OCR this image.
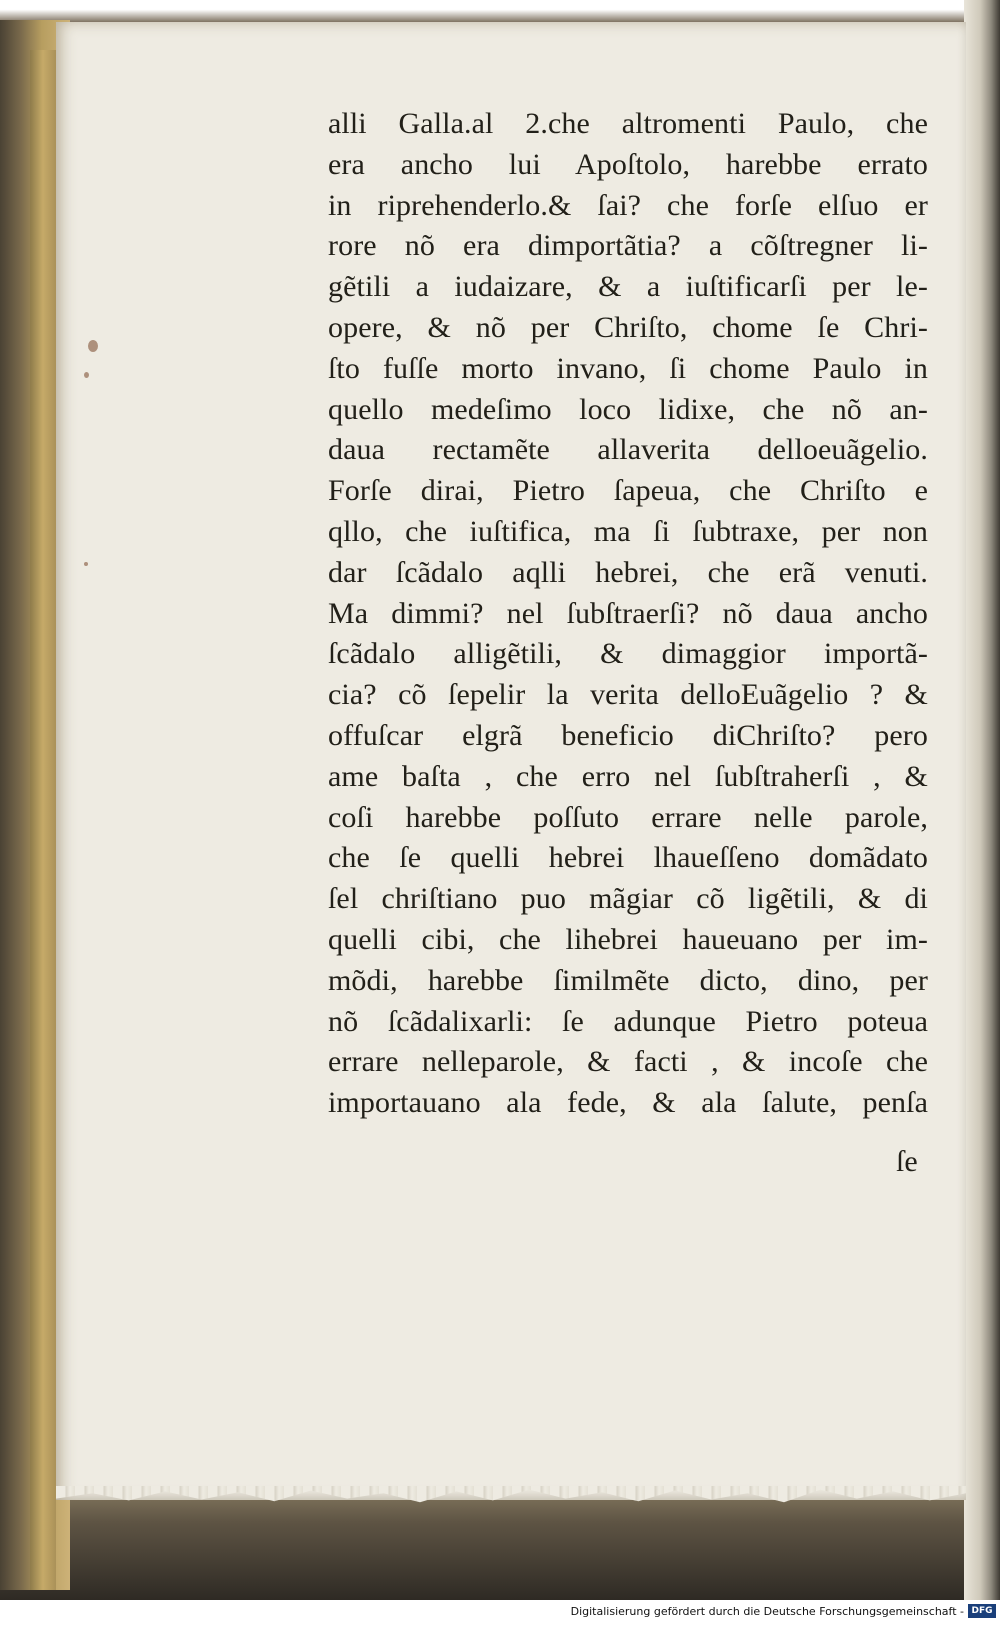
alli Galla.al 2.che altromenti Paulo, che
era ancho lui Apoſtolo, harebbe errato
in riprehenderlo.& ſai? che forſe elſuo er
rore nõ era dimportãtia? a cõſtregner li-
gẽtili a iudaizare, & a iuſtificarſi per le-
opere, & nõ per Chriſto, chome ſe Chri-
ſto fuſſe morto invano, ſi chome Paulo in
quello medeſimo loco lidixe, che nõ an-
daua rectamẽte allaverita delloeuãgelio.
Forſe dirai, Pietro ſapeua, che Chriſto e
qllo, che iuſtifica, ma ſi ſubtraxe, per non
dar ſcãdalo aqlli hebrei, che erã venuti.
Ma dimmi? nel ſubſtraerſi? nõ daua ancho
ſcãdalo alligẽtili, & dimaggior importã-
cia? cõ ſepelir la verita delloEuãgelio ? &
offuſcar elgrã beneficio diChriſto? pero
ame baſta , che erro nel ſubſtraherſi , &
coſi harebbe poſſuto errare nelle parole,
che ſe quelli hebrei lhaueſſeno domãdato
ſel chriſtiano puo mãgiar cõ ligẽtili, & di
quelli cibi, che lihebrei haueuano per im-
mõdi, harebbe ſimilmẽte dicto, dino, per
nõ ſcãdalixarli: ſe adunque Pietro poteua
errare nelleparole, & facti , & incoſe che
importauano ala fede, & ala ſalute, penſa
ſe
Digitalisierung gefördert durch die Deutsche Forschungsgemeinschaft - DFG
